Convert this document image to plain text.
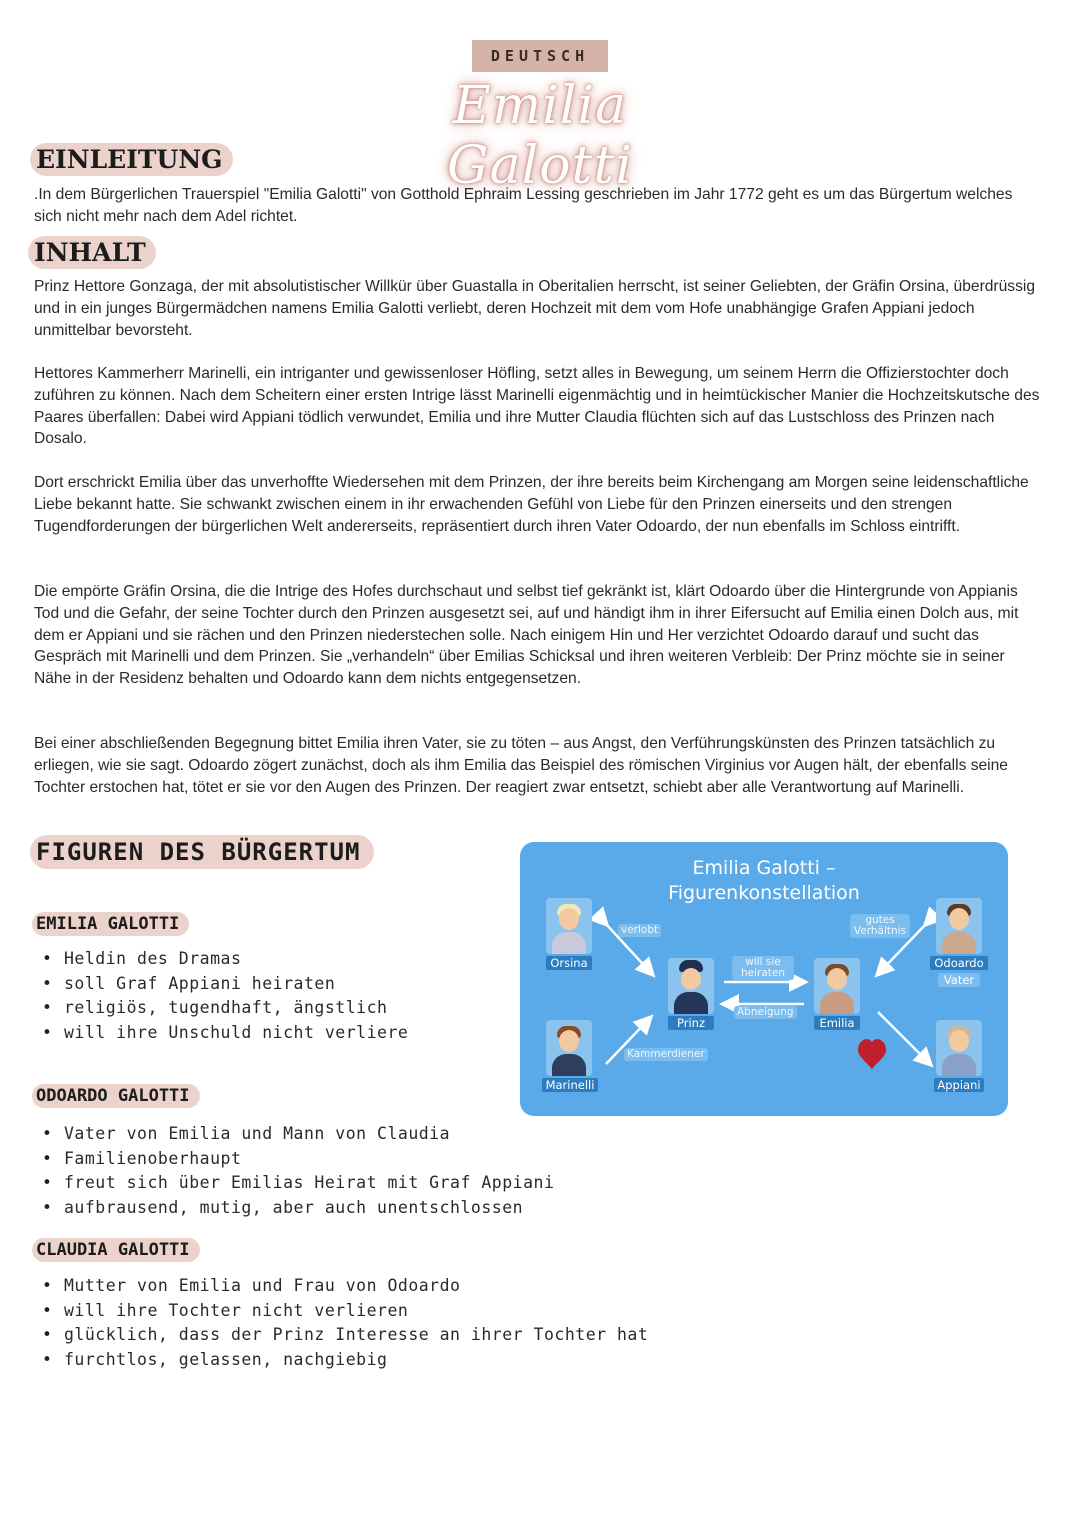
DEUTSCH
Emilia Galotti
EINLEITUNG
.In dem Bürgerlichen Trauerspiel "Emilia Galotti" von Gotthold Ephraim Lessing geschrieben im Jahr 1772 geht es um das Bürgertum welches sich nicht mehr nach dem Adel richtet.
INHALT
Prinz Hettore Gonzaga, der mit absolutistischer Willkür über Guastalla in Oberitalien herrscht, ist seiner Geliebten, der Gräfin Orsina, überdrüssig und in ein junges Bürgermädchen namens Emilia Galotti verliebt, deren Hochzeit mit dem vom Hofe unabhängige Grafen Appiani jedoch unmittelbar bevorsteht.
Hettores Kammerherr Marinelli, ein intriganter und gewissenloser Höfling, setzt alles in Bewegung, um seinem Herrn die Offizierstochter doch zuführen zu können. Nach dem Scheitern einer ersten Intrige lässt Marinelli eigenmächtig und in heimtückischer Manier die Hochzeitskutsche des Paares überfallen: Dabei wird Appiani tödlich verwundet, Emilia und ihre Mutter Claudia flüchten sich auf das Lustschloss des Prinzen nach Dosalo.
Dort erschrickt Emilia über das unverhoffte Wiedersehen mit dem Prinzen, der ihre bereits beim Kirchengang am Morgen seine leidenschaftliche Liebe bekannt hatte. Sie schwankt zwischen einem in ihr erwachenden Gefühl von Liebe für den Prinzen einerseits und den strengen Tugendforderungen der bürgerlichen Welt andererseits, repräsentiert durch ihren Vater Odoardo, der nun ebenfalls im Schloss eintrifft.
Die empörte Gräfin Orsina, die die Intrige des Hofes durchschaut und selbst tief gekränkt ist, klärt Odoardo über die Hintergrunde von Appianis Tod und die Gefahr, der seine Tochter durch den Prinzen ausgesetzt sei, auf und händigt ihm in ihrer Eifersucht auf Emilia einen Dolch aus, mit dem er Appiani und sie rächen und den Prinzen niederstechen solle. Nach einigem Hin und Her verzichtet Odoardo darauf und sucht das Gespräch mit Marinelli und dem Prinzen. Sie „verhandeln“ über Emilias Schicksal und ihren weiteren Verbleib: Der Prinz möchte sie in seiner Nähe in der Residenz behalten und Odoardo kann dem nichts entgegensetzen.
Bei einer abschließenden Begegnung bittet Emilia ihren Vater, sie zu töten – aus Angst, den Verführungskünsten des Prinzen tatsächlich zu erliegen, wie sie sagt. Odoardo zögert zunächst, doch als ihm Emilia das Beispiel des römischen Virginius vor Augen hält, der ebenfalls seine Tochter erstochen hat, tötet er sie vor den Augen des Prinzen. Der reagiert zwar entsetzt, schiebt aber alle Verantwortung auf Marinelli.
FIGUREN DES BÜRGERTUM
EMILIA GALOTTI
• Heldin des Dramas
• soll Graf Appiani heiraten
• religiös, tugendhaft, ängstlich
• will ihre Unschuld nicht verliere
ODOARDO GALOTTI
• Vater von Emilia und Mann von Claudia
• Familienoberhaupt
• freut sich über Emilias Heirat mit Graf Appiani
• aufbrausend, mutig, aber auch unentschlossen
CLAUDIA GALOTTI
• Mutter von Emilia und Frau von Odoardo
• will ihre Tochter nicht verlieren
• glücklich, dass der Prinz Interesse an ihrer Tochter hat
• furchtlos, gelassen, nachgiebig
Emilia Galotti –
Figurenkonstellation
Orsina
Prinz	Emilia
Odoardo
Vater
Marinelli	Appiani
verlobt
will sie
heiraten
Abneigung
Kammerdiener
gutes
Verhältnis
